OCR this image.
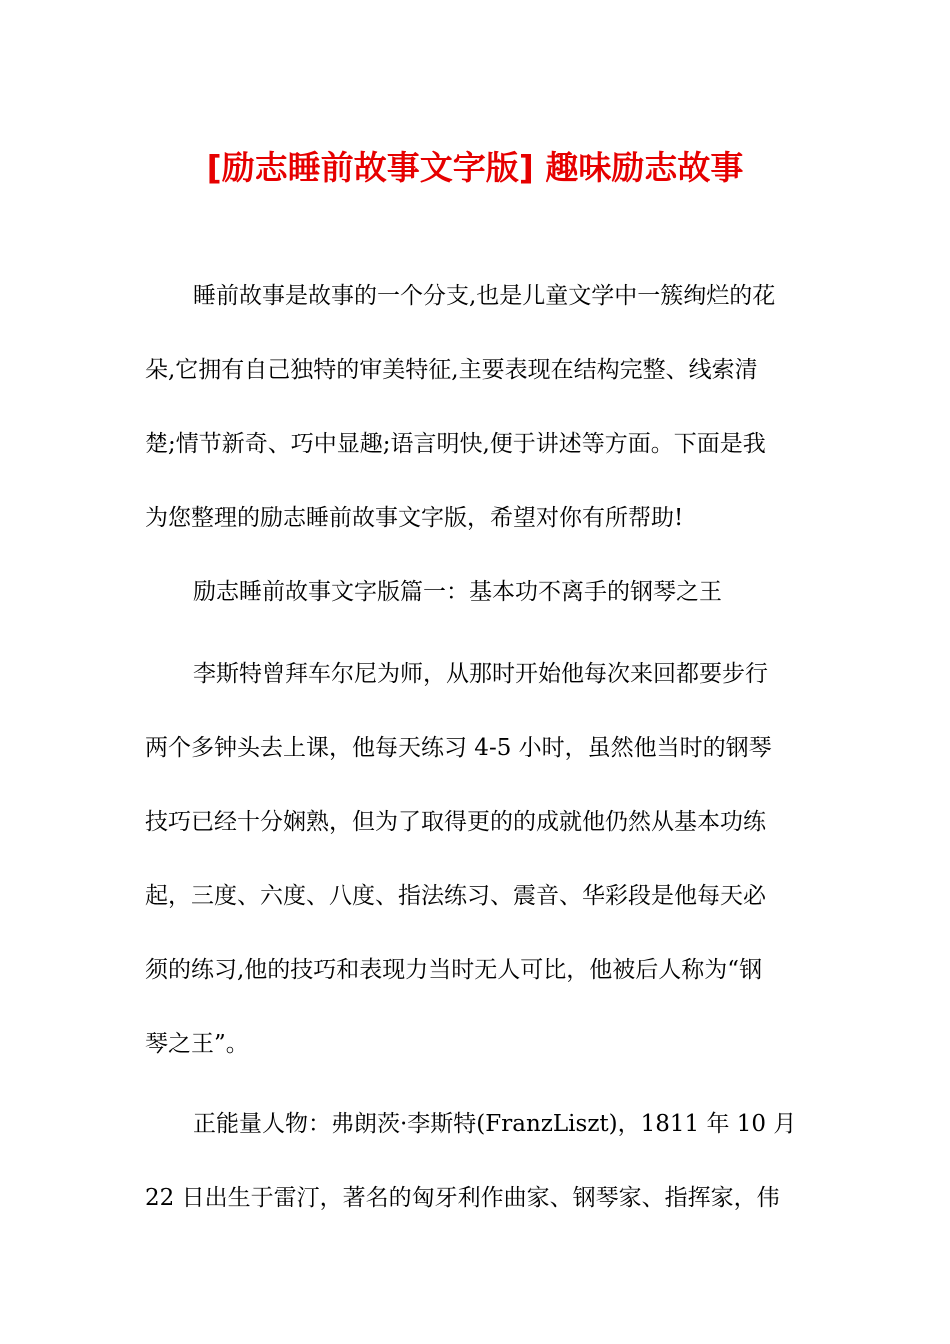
[励志睡前故事文字版] 趣味励志故事
睡前故事是故事的一个分支,也是儿童文学中一簇绚烂的花
朵,它拥有自己独特的审美特征,主要表现在结构完整、线索清
楚;情节新奇、巧中显趣;语言明快,便于讲述等方面。下面是我
为您整理的励志睡前故事文字版，希望对你有所帮助!
励志睡前故事文字版篇一：基本功不离手的钢琴之王
李斯特曾拜车尔尼为师，从那时开始他每次来回都要步行
两个多钟头去上课，他每天练习 4-5 小时，虽然他当时的钢琴
技巧已经十分娴熟，但为了取得更的的成就他仍然从基本功练
起，三度、六度、八度、指法练习、震音、华彩段是他每天必
须的练习,他的技巧和表现力当时无人可比，他被后人称为“钢
琴之王”。
正能量人物：弗朗茨·李斯特(FranzLiszt)，1811 年 10 月
22 日出生于雷汀，著名的匈牙利作曲家、钢琴家、指挥家，伟
